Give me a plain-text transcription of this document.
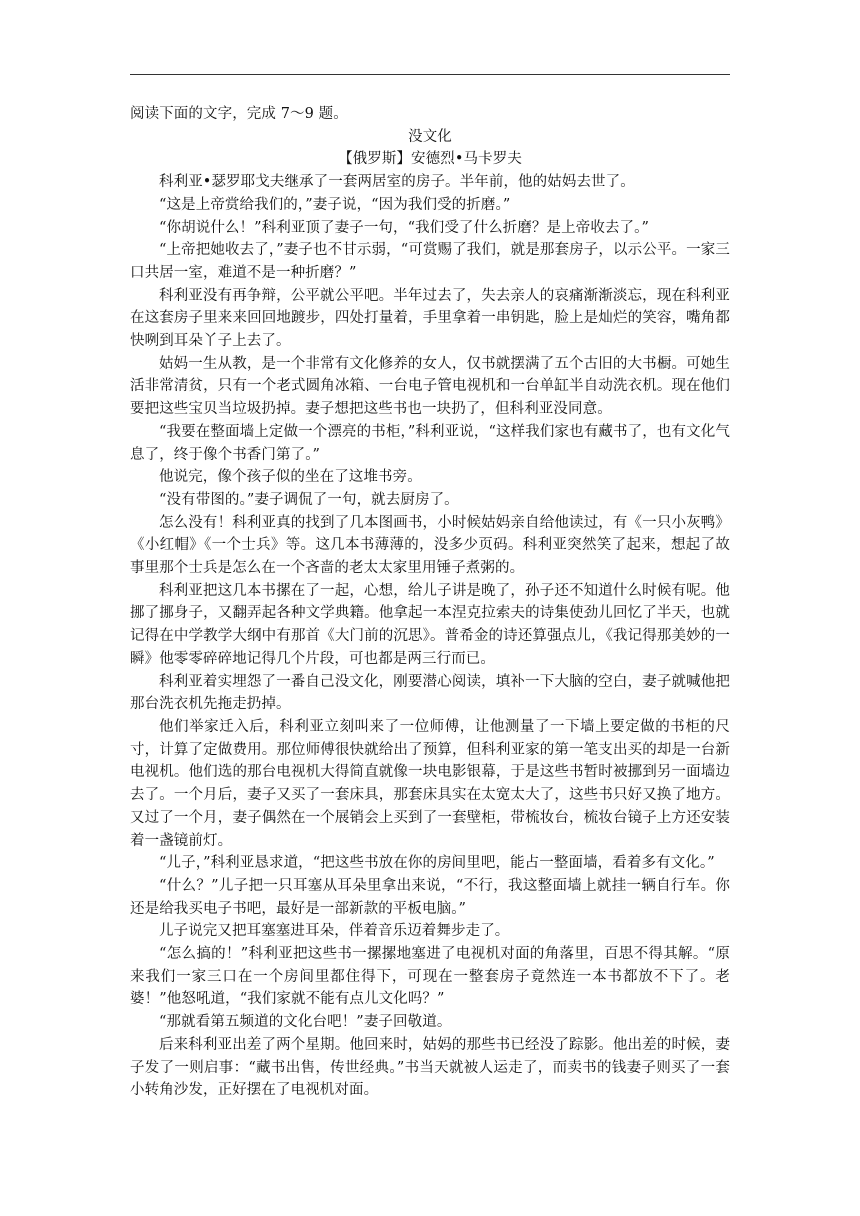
阅读下面的文字，完成 7～9 题。

没文化

【俄罗斯】安德烈•马卡罗夫

科利亚•瑟罗耶戈夫继承了一套两居室的房子。半年前，他的姑妈去世了。

“这是上帝赏给我们的，”妻子说，“因为我们受的折磨。”

“你胡说什么！”科利亚顶了妻子一句，“我们受了什么折磨？是上帝收去了。”

“上帝把她收去了，”妻子也不甘示弱，“可赏赐了我们，就是那套房子，以示公平。一家三口共居一室，难道不是一种折磨？”

科利亚没有再争辩，公平就公平吧。半年过去了，失去亲人的哀痛渐渐淡忘，现在科利亚在这套房子里来来回回地踱步，四处打量着，手里拿着一串钥匙，脸上是灿烂的笑容，嘴角都快咧到耳朵丫子上去了。

姑妈一生从教，是一个非常有文化修养的女人，仅书就摆满了五个古旧的大书橱。可她生活非常清贫，只有一个老式圆角冰箱、一台电子管电视机和一台单缸半自动洗衣机。现在他们要把这些宝贝当垃圾扔掉。妻子想把这些书也一块扔了，但科利亚没同意。

“我要在整面墙上定做一个漂亮的书柜，”科利亚说，“这样我们家也有藏书了，也有文化气息了，终于像个书香门第了。”

他说完，像个孩子似的坐在了这堆书旁。

“没有带图的。”妻子调侃了一句，就去厨房了。

怎么没有！科利亚真的找到了几本图画书，小时候姑妈亲自给他读过，有《一只小灰鸭》《小红帽》《一个士兵》等。这几本书薄薄的，没多少页码。科利亚突然笑了起来，想起了故事里那个士兵是怎么在一个吝啬的老太太家里用锤子煮粥的。

科利亚把这几本书摞在了一起，心想，给儿子讲是晚了，孙子还不知道什么时候有呢。他挪了挪身子，又翻弄起各种文学典籍。他拿起一本涅克拉索夫的诗集使劲儿回忆了半天，也就记得在中学教学大纲中有那首《大门前的沉思》。普希金的诗还算强点儿，《我记得那美妙的一瞬》他零零碎碎地记得几个片段，可也都是两三行而已。

科利亚着实埋怨了一番自己没文化，刚要潜心阅读，填补一下大脑的空白，妻子就喊他把那台洗衣机先拖走扔掉。

他们举家迁入后，科利亚立刻叫来了一位师傅，让他测量了一下墙上要定做的书柜的尺寸，计算了定做费用。那位师傅很快就给出了预算，但科利亚家的第一笔支出买的却是一台新电视机。他们选的那台电视机大得简直就像一块电影银幕，于是这些书暂时被挪到另一面墙边去了。一个月后，妻子又买了一套床具，那套床具实在太宽太大了，这些书只好又换了地方。又过了一个月，妻子偶然在一个展销会上买到了一套壁柜，带梳妆台，梳妆台镜子上方还安装着一盏镜前灯。

“儿子，”科利亚恳求道，“把这些书放在你的房间里吧，能占一整面墙，看着多有文化。”

“什么？”儿子把一只耳塞从耳朵里拿出来说，“不行，我这整面墙上就挂一辆自行车。你还是给我买电子书吧，最好是一部新款的平板电脑。”

儿子说完又把耳塞塞进耳朵，伴着音乐迈着舞步走了。

“怎么搞的！”科利亚把这些书一摞摞地塞进了电视机对面的角落里，百思不得其解。“原来我们一家三口在一个房间里都住得下，可现在一整套房子竟然连一本书都放不下了。老婆！”他怒吼道，“我们家就不能有点儿文化吗？”

“那就看第五频道的文化台吧！”妻子回敬道。

后来科利亚出差了两个星期。他回来时，姑妈的那些书已经没了踪影。他出差的时候，妻子发了一则启事：“藏书出售，传世经典。”书当天就被人运走了，而卖书的钱妻子则买了一套小转角沙发，正好摆在了电视机对面。
